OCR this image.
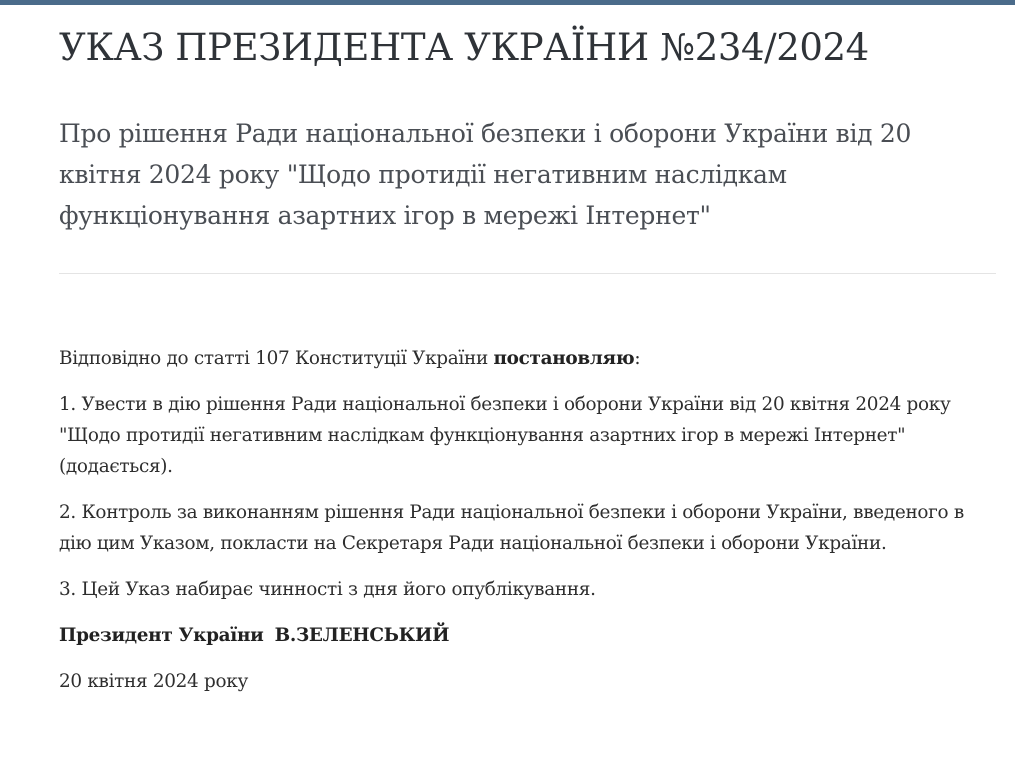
УКАЗ ПРЕЗИДЕНТА УКРАЇНИ №234/2024
Про рішення Ради національної безпеки і оборони України від 20 квітня 2024 року "Щодо протидії негативним наслідкам функціонування азартних ігор в мережі Інтернет"

Відповідно до статті 107 Конституції України постановляю:

1. Увести в дію рішення Ради національної безпеки і оборони України від 20 квітня 2024 року "Щодо протидії негативним наслідкам функціонування азартних ігор в мережі Інтернет" (додається).

2. Контроль за виконанням рішення Ради національної безпеки і оборони України, введеного в дію цим Указом, покласти на Секретаря Ради національної безпеки і оборони України.

3. Цей Указ набирає чинності з дня його опублікування.

Президент України В.ЗЕЛЕНСЬКИЙ

20 квітня 2024 року
